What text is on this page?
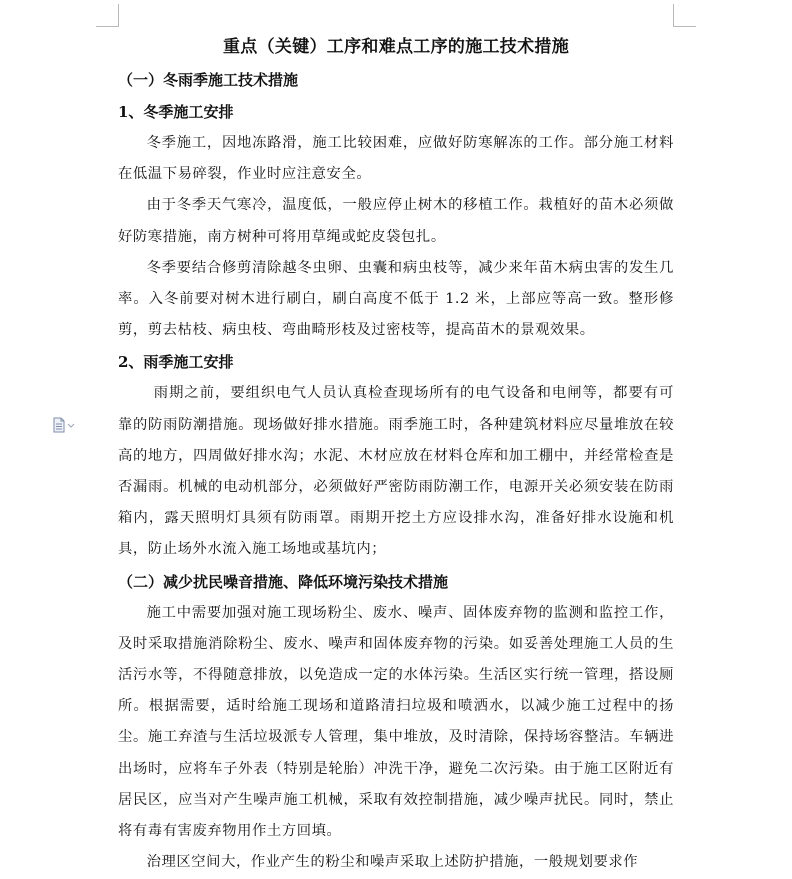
重点（关键）工序和难点工序的施工技术措施
（一）冬雨季施工技术措施
1、冬季施工安排

冬季施工，因地冻路滑，施工比较困难，应做好防寒解冻的工作。部分施工材料在低温下易碎裂，作业时应注意安全。

由于冬季天气寒冷，温度低，一般应停止树木的移植工作。栽植好的苗木必须做好防寒措施，南方树种可将用草绳或蛇皮袋包扎。

冬季要结合修剪清除越冬虫卵、虫囊和病虫枝等，减少来年苗木病虫害的发生几率。入冬前要对树木进行刷白，刷白高度不低于 1.2 米，上部应等高一致。整形修剪，剪去枯枝、病虫枝、弯曲畸形枝及过密枝等，提高苗木的景观效果。

2、雨季施工安排

雨期之前，要组织电气人员认真检查现场所有的电气设备和电闸等，都要有可靠的防雨防潮措施。现场做好排水措施。雨季施工时，各种建筑材料应尽量堆放在较高的地方，四周做好排水沟；水泥、木材应放在材料仓库和加工棚中，并经常检查是否漏雨。机械的电动机部分，必须做好严密防雨防潮工作，电源开关必须安装在防雨箱内，露天照明灯具须有防雨罩。雨期开挖土方应设排水沟，准备好排水设施和机具，防止场外水流入施工场地或基坑内；

（二）减少扰民噪音措施、降低环境污染技术措施

施工中需要加强对施工现场粉尘、废水、噪声、固体废弃物的监测和监控工作，及时采取措施消除粉尘、废水、噪声和固体废弃物的污染。如妥善处理施工人员的生活污水等，不得随意排放，以免造成一定的水体污染。生活区实行统一管理，搭设厕所。根据需要，适时给施工现场和道路清扫垃圾和喷洒水，以减少施工过程中的扬尘。施工弃渣与生活垃圾派专人管理，集中堆放，及时清除，保持场容整洁。车辆进出场时，应将车子外表（特别是轮胎）冲洗干净，避免二次污染。由于施工区附近有居民区，应当对产生噪声施工机械，采取有效控制措施，减少噪声扰民。同时，禁止将有毒有害废弃物用作土方回填。

治理区空间大，作业产生的粉尘和噪声采取上述防护措施，一般规划要求作
